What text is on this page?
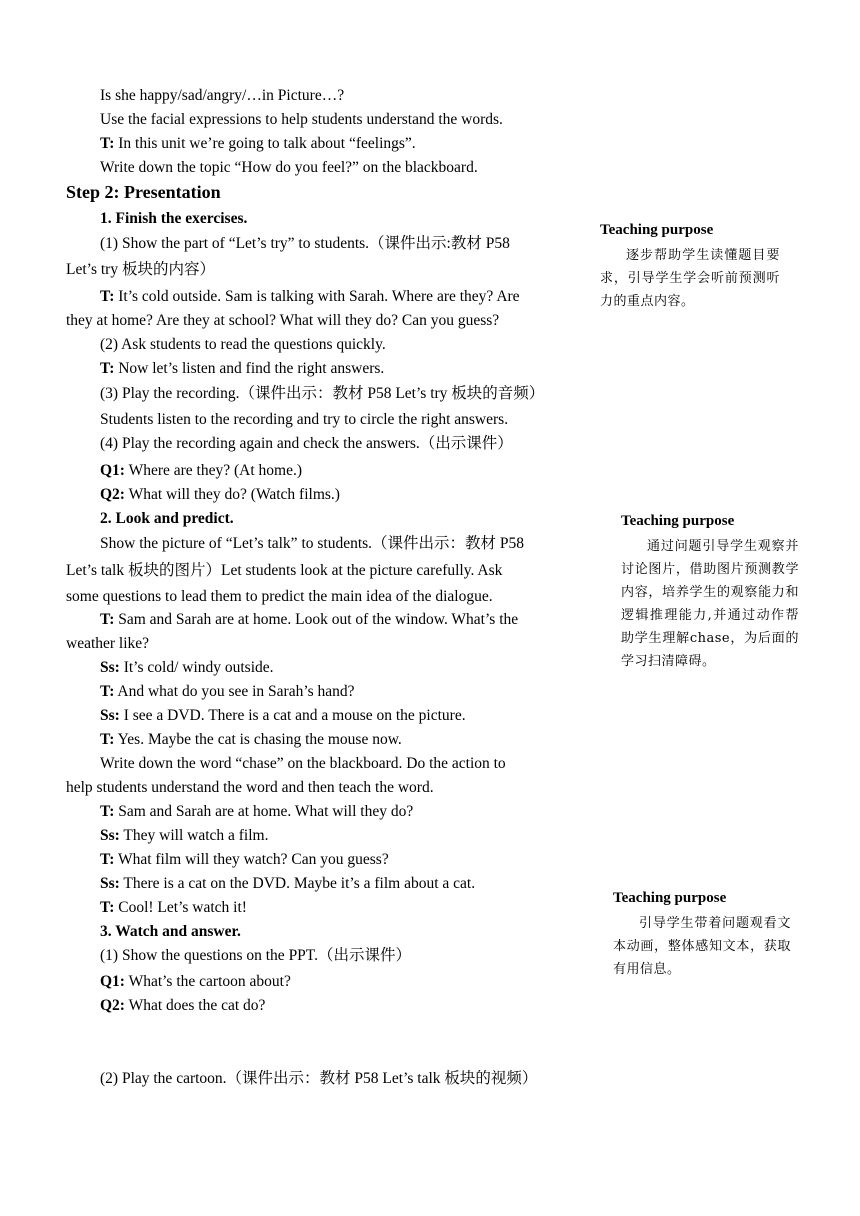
Is she happy/sad/angry/…in Picture…?
Use the facial expressions to help students understand the words.
T: In this unit we’re going to talk about “feelings”.
Write down the topic “How do you feel?” on the blackboard.
Step 2: Presentation
1. Finish the exercises.
(1) Show the part of “Let’s try” to students.（课件出示:教材 P58
Let’s try 板块的内容）
T: It’s cold outside. Sam is talking with Sarah. Where are they? Are
they at home? Are they at school? What will they do? Can you guess?
(2) Ask students to read the questions quickly.
T: Now let’s listen and find the right answers.
(3) Play the recording.（课件出示：教材 P58 Let’s try 板块的音频）
Students listen to the recording and try to circle the right answers.
(4) Play the recording again and check the answers.（出示课件）
Q1: Where are they? (At home.)
Q2: What will they do? (Watch films.)
2. Look and predict.
Show the picture of “Let’s talk” to students.（课件出示：教材 P58
Let’s talk 板块的图片）Let students look at the picture carefully. Ask
some questions to lead them to predict the main idea of the dialogue.
T: Sam and Sarah are at home. Look out of the window. What’s the
weather like?
Ss: It’s cold/ windy outside.
T: And what do you see in Sarah’s hand?
Ss: I see a DVD. There is a cat and a mouse on the picture.
T: Yes. Maybe the cat is chasing the mouse now.
Write down the word “chase” on the blackboard. Do the action to
help students understand the word and then teach the word.
T: Sam and Sarah are at home. What will they do?
Ss: They will watch a film.
T: What film will they watch? Can you guess?
Ss: There is a cat on the DVD. Maybe it’s a film about a cat.
T: Cool! Let’s watch it!
3. Watch and answer.
(1) Show the questions on the PPT.（出示课件）
Q1: What’s the cartoon about?
Q2: What does the cat do?
(2) Play the cartoon.（课件出示：教材 P58 Let’s talk 板块的视频）
Teaching purpose
逐步帮助学生读懂题目要求，引导学生学会听前预测听力的重点内容。
Teaching purpose
通过问题引导学生观察并讨论图片，借助图片预测教学内容，培养学生的观察能力和逻辑推理能力,并通过动作帮助学生理解chase，为后面的学习扫清障碍。
Teaching purpose
引导学生带着问题观看文本动画，整体感知文本，获取有用信息。
